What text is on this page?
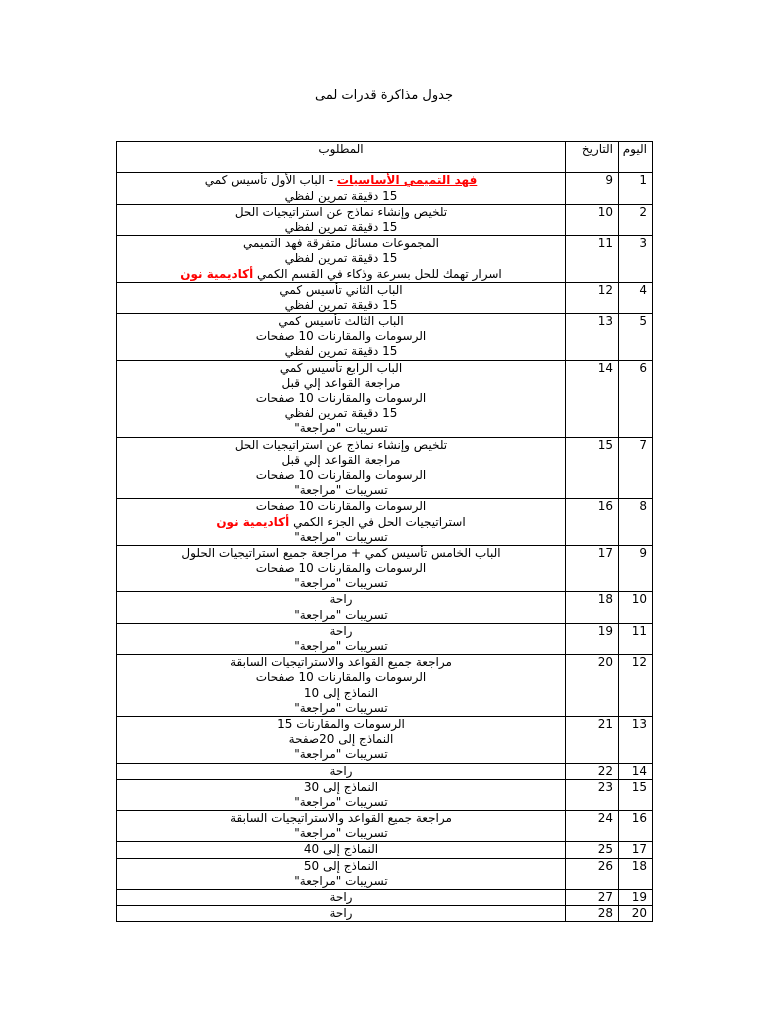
جدول مذاكرة قدرات لمى
اليوم	التاريخ	المطلوب
1	9	فهد التميمي الأساسيات - الباب الأول تأسيس كمي
15 دقيقة تمرين لفظي

2	10	تلخيص وإنشاء نماذج عن استراتيجيات الحل
15 دقيقة تمرين لفظي

3	11	المجموعات مسائل متفرقة فهد التميمي
15 دقيقة تمرين لفظي
اسرار تهمك للحل بسرعة وذكاء في القسم الكمي أكاديمية نون

4	12	الباب الثاني تأسيس كمي
15 دقيقة تمرين لفظي

5	13	الباب الثالث تأسيس كمي
الرسومات والمقارنات 10 صفحات
15 دقيقة تمرين لفظي

6	14	الباب الرابع تأسيس كمي
مراجعة القواعد إلي قبل
الرسومات والمقارنات 10 صفحات
15 دقيقة تمرين لفظي
تسريبات "مراجعة"

7	15	تلخيص وإنشاء نماذج عن استراتيجيات الحل
مراجعة القواعد إلي قبل
الرسومات والمقارنات 10 صفحات
تسريبات "مراجعة"

8	16	الرسومات والمقارنات 10 صفحات
استراتيجيات الحل في الجزء الكمي أكاديمية نون
تسريبات "مراجعة"

9	17	الباب الخامس تأسيس كمي + مراجعة جميع استراتيجيات الحلول
الرسومات والمقارنات 10 صفحات
تسريبات "مراجعة"

10	18	راحة
تسريبات "مراجعة"

11	19	راحة
تسريبات "مراجعة"

12	20	مراجعة جميع القواعد والاستراتيجيات السابقة
الرسومات والمقارنات 10 صفحات
النماذج إلى 10
تسريبات "مراجعة"

13	21	الرسومات والمقارنات 15
النماذج إلى 20صفحة
تسريبات "مراجعة"

14	22	راحة

15	23	النماذج إلى 30
تسريبات "مراجعة"

16	24	مراجعة جميع القواعد والاستراتيجيات السابقة
تسريبات "مراجعة"

17	25	النماذج إلى 40

18	26	النماذج إلى 50
تسريبات "مراجعة"

19	27	راحة

20	28	راحة
